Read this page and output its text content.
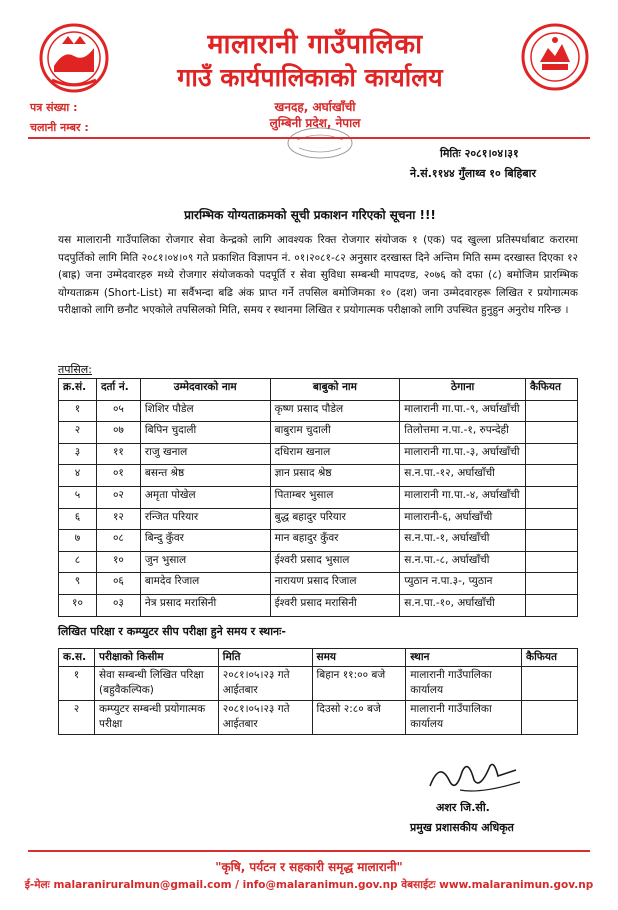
मालारानी गाउँपालिका
गाउँ कार्यपालिकाको कार्यालय
खनदह, अर्घाखाँची
लुम्बिनी प्रदेश, नेपाल
पत्र संख्या :
चलानी नम्बर :
मितिः २०८१।०४।३१
ने.सं.११४४ गुँलाथ्व १० बिहिबार
प्रारम्भिक योग्यताक्रमको सूची प्रकाशन गरिएको सूचना !!!
यस मालारानी गाउँपालिका रोजगार सेवा केन्द्रको लागि आवश्यक रिक्त रोजगार संयोजक १ (एक) पद खुल्ला प्रतिस्पर्धाबाट करारमा पदपुर्तिको लागि मिति २०८१।०४।०९ गते प्रकाशित विज्ञापन नं. ०१।२०८१-८२ अनुसार दरखास्त दिने अन्तिम मिति सम्म दरखास्त दिएका १२ (बाह्र) जना उम्मेदवारहरु मध्ये रोजगार संयोजकको पदपूर्ति र सेवा सुविधा सम्बन्धी मापदण्ड, २०७६ को दफा (८) बमोजिम प्रारम्भिक योग्यताक्रम (Short-List) मा सर्वैभन्दा बढि अंक प्राप्त गर्ने तपसिल बमोजिमका १० (दश) जना उम्मेदवारहरू लिखित र प्रयोगात्मक परीक्षाको लागि छनौट भएकोले तपसिलको मिति, समय र स्थानमा लिखित र प्रयोगात्मक परीक्षाको लागि उपस्थित हुनुहुन अनुरोध गरिन्छ ।
तपसिल:
क्र.सं.	दर्ता नं.	उम्मेदवारको नाम	बाबुको नाम	ठेगाना	कैफियत
१	०५	शिशिर पौडेल	कृष्ण प्रसाद पौडेल	मालारानी गा.पा.-९, अर्घाखाँची	
२	०७	बिपिन चुदाली	बाबुराम चुदाली	तिलोत्तमा न.पा.-१, रुपन्देही	
३	११	राजु खनाल	दधिराम खनाल	मालारानी गा.पा.-३, अर्घाखाँची	
४	०१	बसन्त श्रेष्ठ	ज्ञान प्रसाद श्रेष्ठ	स.न.पा.-१२, अर्घाखाँची	
५	०२	अमृता पोखेल	पिताम्बर भुसाल	मालारानी गा.पा.-४, अर्घाखाँची	
६	१२	रन्जित परियार	बुद्ध बहादुर परियार	मालारानी-६, अर्घाखाँची	
७	०८	बिन्दु कुँवर	मान बहादुर कुँवर	स.न.पा.-१, अर्घाखाँची	
८	१०	जुन भुसाल	ईश्वरी प्रसाद भुसाल	स.न.पा.-८, अर्घाखाँची	
९	०६	बामदेव रिजाल	नारायण प्रसाद रिजाल	प्युठान न.पा.३-, प्युठान	
१०	०३	नेत्र प्रसाद मरासिनी	ईश्वरी प्रसाद मरासिनी	स.न.पा.-१०, अर्घाखाँची	
लिखित परिक्षा र कम्प्युटर सीप परीक्षा हुने समय र स्थानः-
क.स.	परीक्षाको किसीम	मिति	समय	स्थान	कैफियत
१	सेवा सम्बन्धी लिखित परिक्षा (बहुवैकल्पिक)	२०८१।०५।२३ गते आईतबार	बिहान ११:०० बजे	मालारानी गाउँपालिका कार्यालय	
२	कम्प्युटर सम्बन्धी प्रयोगात्मक परीक्षा	२०८१।०५।२३ गते आईतबार	दिउसो २:८० बजे	मालारानी गाउँपालिका कार्यालय	
अशर जि.सी.
प्रमुख प्रशासकीय अधिकृत
"कृषि, पर्यटन र सहकारी समृद्ध मालारानी"
ई-मेलः malaraniruralmun@gmail.com / info@malaranimun.gov.np वेबसाईटः www.malaranimun.gov.np
